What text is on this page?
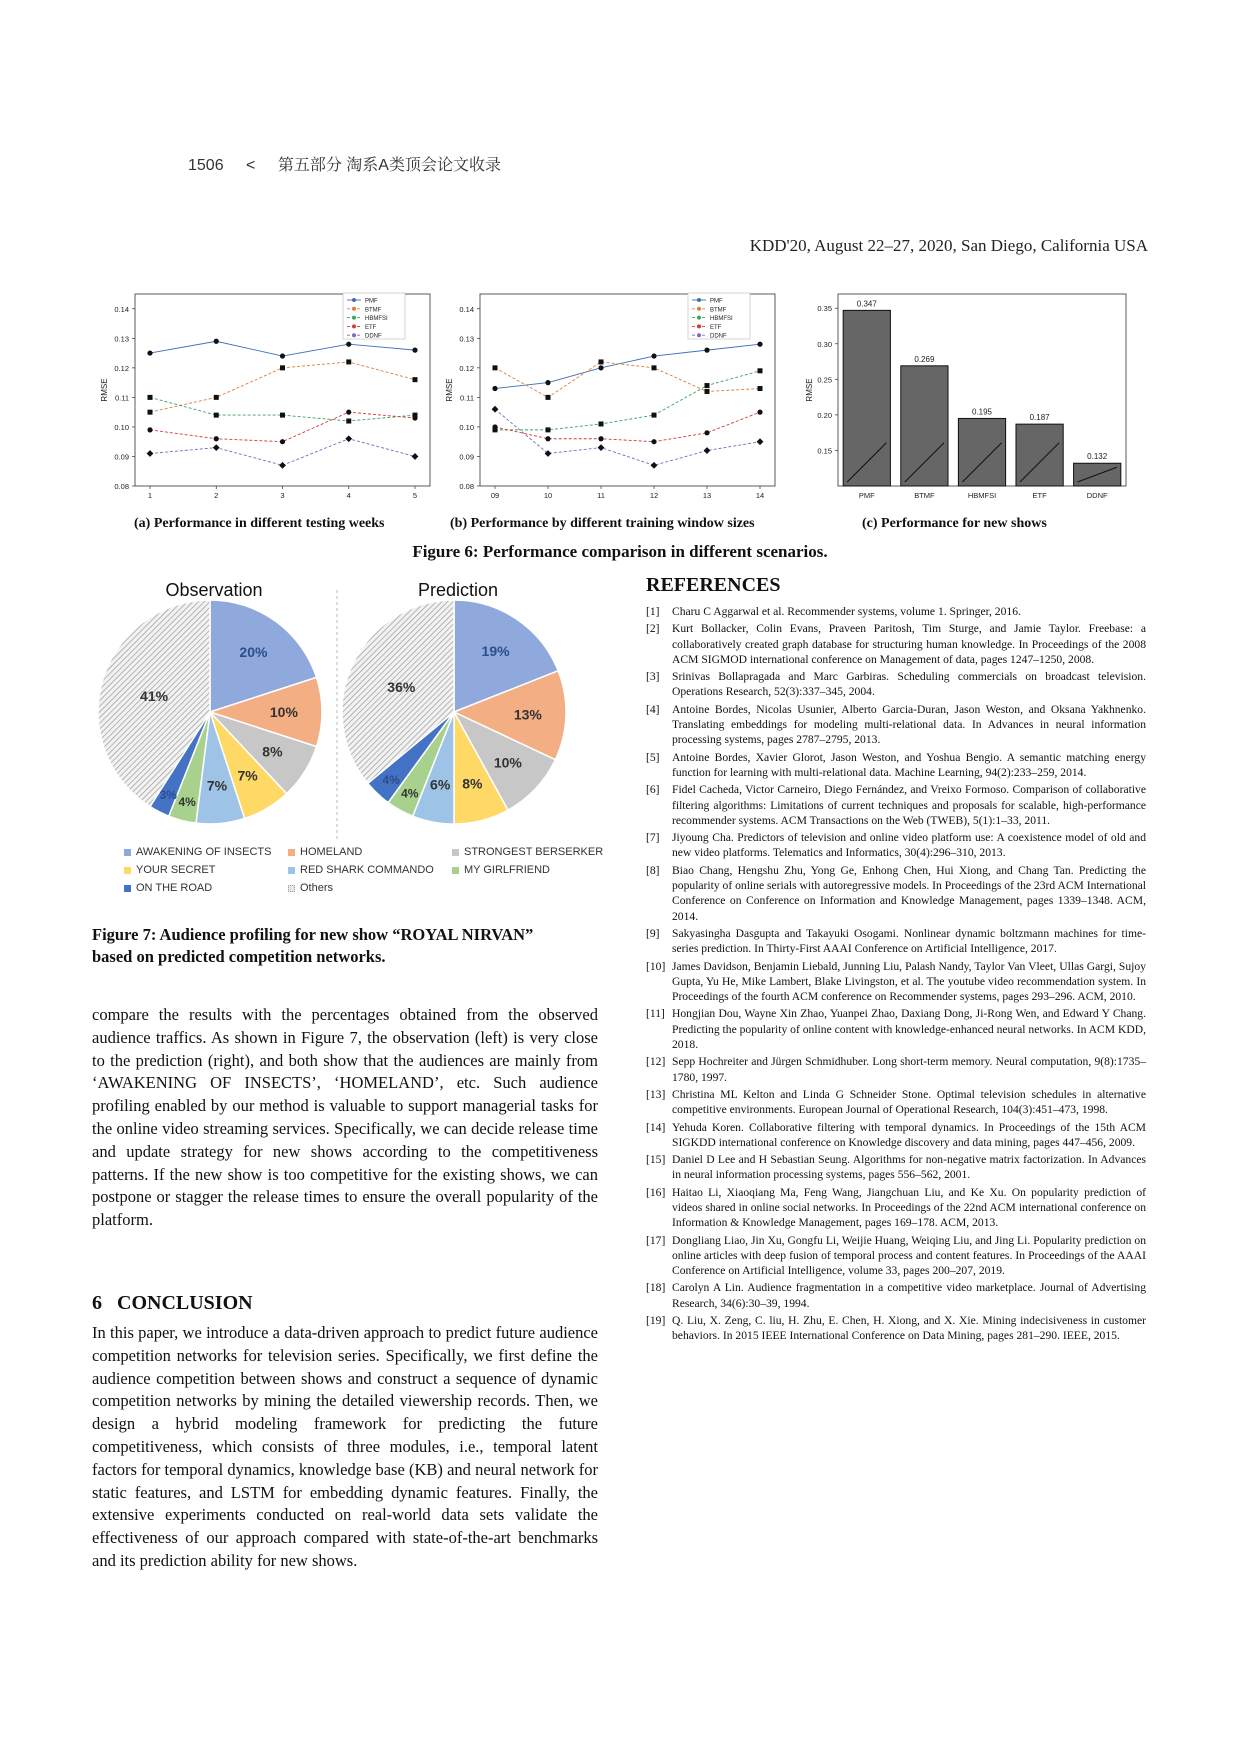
1506 < 第五部分 淘系A类顶会论文收录
KDD'20, August 22–27, 2020, San Diego, California USA
0.08
0.09
0.10
0.11
0.12
0.13
0.14
1	2	3	4	5
RMSE
PMF
BTMF
HBMFSI
ETF
DDNF
0.08
0.09
0.10
0.11
0.12
0.13
0.14
09	10	11	12	13	14
RMSE
PMF
BTMF
HBMFSI
ETF
DDNF
0.15
0.20
0.25
0.30
0.35
RMSE
0.347
PMF
0.269
BTMF
0.195
HBMFSI
0.187
ETF
0.132
DDNF
(a) Performance in different testing weeks	(b) Performance by different training window sizes	(c) Performance for new shows
Figure 6: Performance comparison in different scenarios.
Observation
20%
10%
8%
7%
7%
4%
3%
41%
Prediction
19%
13%
10%
8%
6%
4%
4%
36%
AWAKENING OF INSECTS	HOMELAND	STRONGEST BERSERKER
YOUR SECRET	RED SHARK COMMANDO	MY GIRLFRIEND
ON THE ROAD	Others
Figure 7: Audience profiling for new show “ROYAL NIRVAN”
based on predicted competition networks.

compare the results with the percentages obtained from the observed audience traffics. As shown in Figure 7, the observation (left) is very close to the prediction (right), and both show that the audiences are mainly from ‘AWAKENING OF INSECTS’, ‘HOMELAND’, etc. Such audience profiling enabled by our method is valuable to support managerial tasks for the online video streaming services. Specifically, we can decide release time and update strategy for new shows according to the competitiveness patterns. If the new show is too competitive for the existing shows, we can postpone or stagger the release times to ensure the overall popularity of the platform.

6   CONCLUSION

In this paper, we introduce a data-driven approach to predict future audience competition networks for television series. Specifically, we first define the audience competition between shows and construct a sequence of dynamic competition networks by mining the detailed viewership records. Then, we design a hybrid modeling framework for predicting the future competitiveness, which consists of three modules, i.e., temporal latent factors for temporal dynamics, knowledge base (KB) and neural network for static features, and LSTM for embedding dynamic features. Finally, the extensive experiments conducted on real-world data sets validate the effectiveness of our approach compared with state-of-the-art benchmarks and its prediction ability for new shows.

REFERENCES
[1]	Charu C Aggarwal et al. Recommender systems, volume 1. Springer, 2016.
[2]	Kurt Bollacker, Colin Evans, Praveen Paritosh, Tim Sturge, and Jamie Taylor. Freebase: a collaboratively created graph database for structuring human knowledge. In Proceedings of the 2008 ACM SIGMOD international conference on Management of data, pages 1247–1250, 2008.
[3]	Srinivas Bollapragada and Marc Garbiras. Scheduling commercials on broadcast television. Operations Research, 52(3):337–345, 2004.
[4]	Antoine Bordes, Nicolas Usunier, Alberto Garcia-Duran, Jason Weston, and Oksana Yakhnenko. Translating embeddings for modeling multi-relational data. In Advances in neural information processing systems, pages 2787–2795, 2013.
[5]	Antoine Bordes, Xavier Glorot, Jason Weston, and Yoshua Bengio. A semantic matching energy function for learning with multi-relational data. Machine Learning, 94(2):233–259, 2014.
[6]	Fidel Cacheda, Victor Carneiro, Diego Fernández, and Vreixo Formoso. Comparison of collaborative filtering algorithms: Limitations of current techniques and proposals for scalable, high-performance recommender systems. ACM Transactions on the Web (TWEB), 5(1):1–33, 2011.
[7]	Jiyoung Cha. Predictors of television and online video platform use: A coexistence model of old and new video platforms. Telematics and Informatics, 30(4):296–310, 2013.
[8]	Biao Chang, Hengshu Zhu, Yong Ge, Enhong Chen, Hui Xiong, and Chang Tan. Predicting the popularity of online serials with autoregressive models. In Proceedings of the 23rd ACM International Conference on Conference on Information and Knowledge Management, pages 1339–1348. ACM, 2014.
[9]	Sakyasingha Dasgupta and Takayuki Osogami. Nonlinear dynamic boltzmann machines for time-series prediction. In Thirty-First AAAI Conference on Artificial Intelligence, 2017.
[10] James Davidson, Benjamin Liebald, Junning Liu, Palash Nandy, Taylor Van Vleet, Ullas Gargi, Sujoy Gupta, Yu He, Mike Lambert, Blake Livingston, et al. The youtube video recommendation system. In Proceedings of the fourth ACM conference on Recommender systems, pages 293–296. ACM, 2010.
[11] Hongjian Dou, Wayne Xin Zhao, Yuanpei Zhao, Daxiang Dong, Ji-Rong Wen, and Edward Y Chang. Predicting the popularity of online content with knowledge-enhanced neural networks. In ACM KDD, 2018.
[12] Sepp Hochreiter and Jürgen Schmidhuber. Long short-term memory. Neural computation, 9(8):1735–1780, 1997.
[13] Christina ML Kelton and Linda G Schneider Stone. Optimal television schedules in alternative competitive environments. European Journal of Operational Research, 104(3):451–473, 1998.
[14] Yehuda Koren. Collaborative filtering with temporal dynamics. In Proceedings of the 15th ACM SIGKDD international conference on Knowledge discovery and data mining, pages 447–456, 2009.
[15] Daniel D Lee and H Sebastian Seung. Algorithms for non-negative matrix factorization. In Advances in neural information processing systems, pages 556–562, 2001.
[16] Haitao Li, Xiaoqiang Ma, Feng Wang, Jiangchuan Liu, and Ke Xu. On popularity prediction of videos shared in online social networks. In Proceedings of the 22nd ACM international conference on Information & Knowledge Management, pages 169–178. ACM, 2013.
[17] Dongliang Liao, Jin Xu, Gongfu Li, Weijie Huang, Weiqing Liu, and Jing Li. Popularity prediction on online articles with deep fusion of temporal process and content features. In Proceedings of the AAAI Conference on Artificial Intelligence, volume 33, pages 200–207, 2019.
[18] Carolyn A Lin. Audience fragmentation in a competitive video marketplace. Journal of Advertising Research, 34(6):30–39, 1994.
[19] Q. Liu, X. Zeng, C. liu, H. Zhu, E. Chen, H. Xiong, and X. Xie. Mining indecisiveness in customer behaviors. In 2015 IEEE International Conference on Data Mining, pages 281–290. IEEE, 2015.
